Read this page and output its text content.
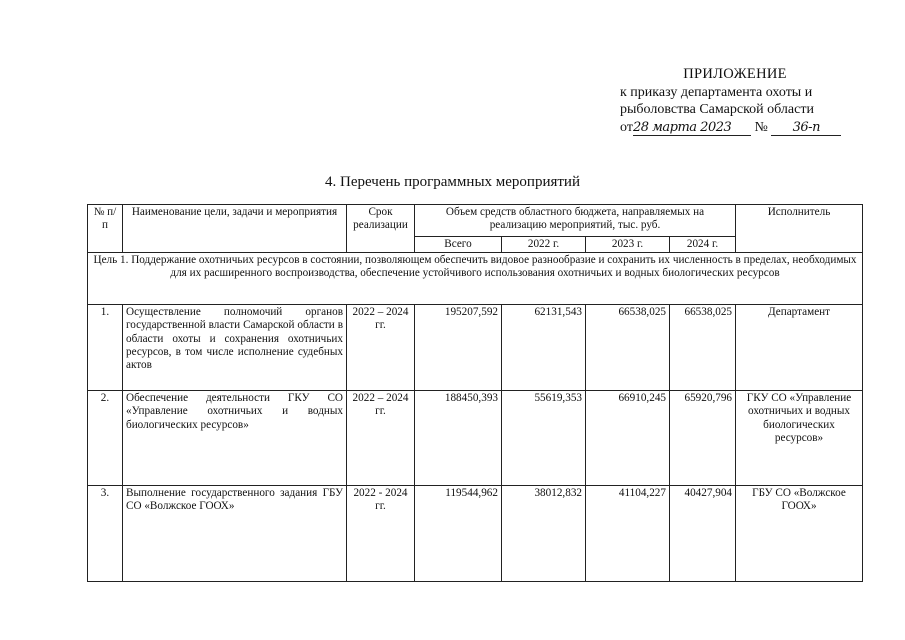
ПРИЛОЖЕНИЕ
к приказу департамента охоты и
рыболовства Самарской области
от28 марта 2023 № 36-п
4. Перечень программных мероприятий
№ п/п	Наименование цели, задачи и мероприятия	Срок реализации	Объем средств областного бюджета, направляемых на реализацию мероприятий, тыс. руб.				Исполнитель
			Всего	2022 г.	2023 г.	2024 г.	
Цель 1. Поддержание охотничьих ресурсов в состоянии, позволяющем обеспечить видовое разнообразие и сохранить их численность в пределах, необходимых для их расширенного воспроизводства, обеспечение устойчивого использования охотничьих и водных биологических ресурсов							
1.	Осуществление полномочий органов государственной власти Самарской области в области охоты и сохранения охотничьих ресурсов, в том числе исполнение судебных актов	2022 – 2024 гг.	195207,592	62131,543	66538,025	66538,025	Департамент
2.	Обеспечение деятельности ГКУ СО «Управление охотничьих и водных биологических ресурсов»	2022 – 2024 гг.	188450,393	55619,353	66910,245	65920,796	ГКУ СО «Управление охотничьих и водных биологических ресурсов»
3.	Выполнение государственного задания ГБУ СО «Волжское ГООХ»	2022 - 2024 гг.	119544,962	38012,832	41104,227	40427,904	ГБУ СО «Волжское ГООХ»
